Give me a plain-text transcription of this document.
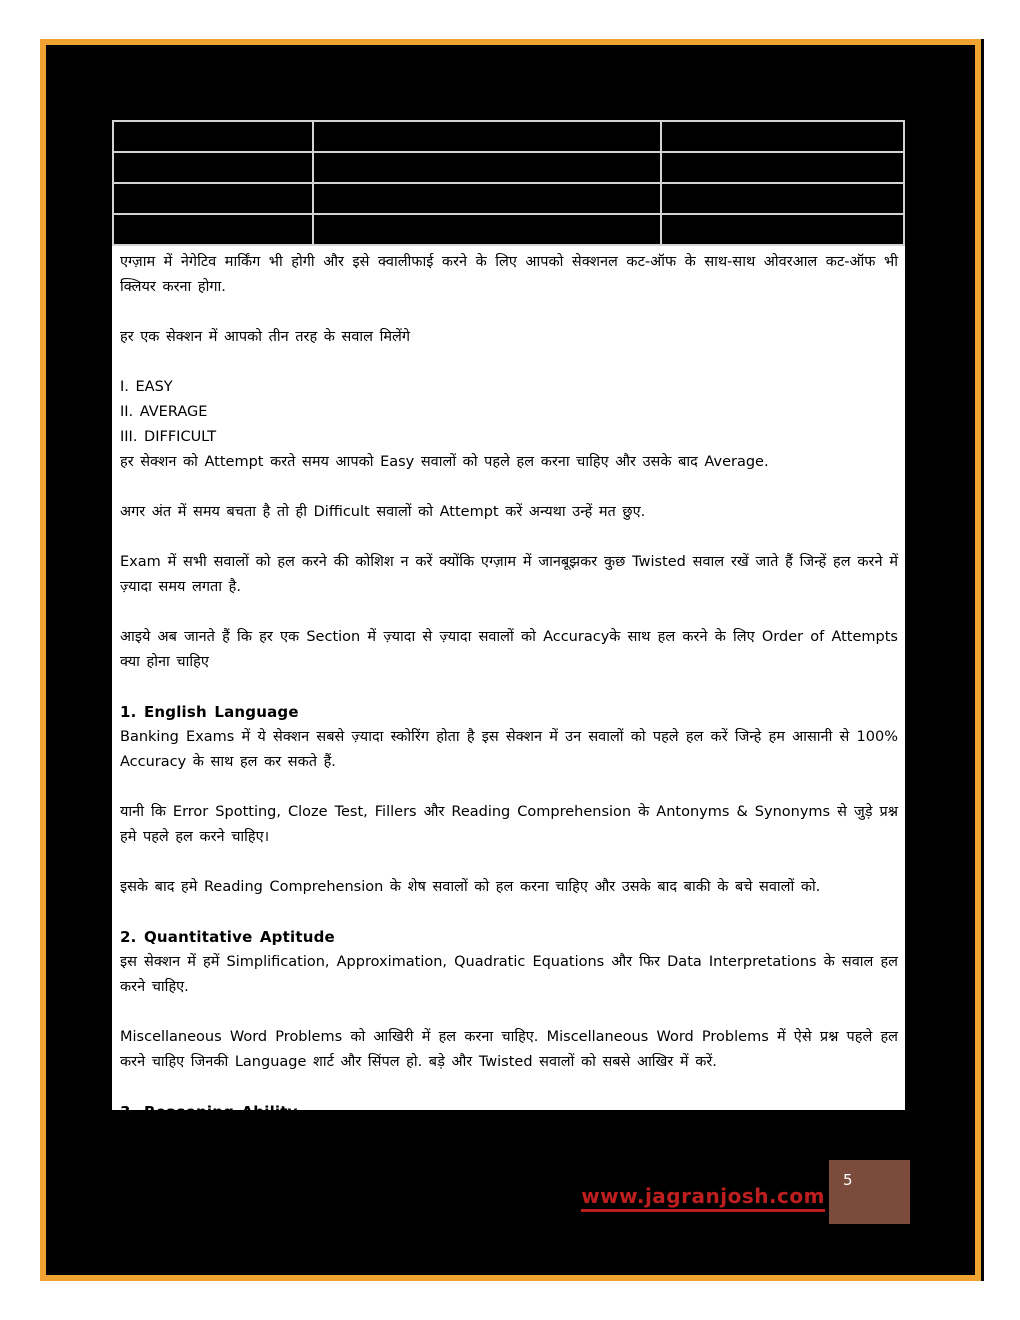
एग्ज़ाम में नेगेटिव मार्किंग भी होगी और इसे क्वालीफाई करने के लिए आपको सेक्शनल कट-ऑफ के साथ-साथ ओवरआल कट-ऑफ भी क्लियर करना होगा.

हर एक सेक्शन में आपको तीन तरह के सवाल मिलेंगे

I. EASY

II. AVERAGE

III. DIFFICULT

हर सेक्शन को Attempt करते समय आपको Easy सवालों को पहले हल करना चाहिए और उसके बाद Average.

अगर अंत में समय बचता है तो ही Difficult सवालों को Attempt करें अन्यथा उन्हें मत छुए.

Exam में सभी सवालों को हल करने की कोशिश न करें क्योंकि एग्ज़ाम में जानबूझकर कुछ Twisted सवाल रखें जाते हैं जिन्हें हल करने में ज़्यादा समय लगता है.

आइये अब जानते हैं कि हर एक Section में ज़्यादा से ज़्यादा सवालों को Accuracyके साथ हल करने के लिए Order of Attempts क्या होना चाहिए

1. English Language

Banking Exams में ये सेक्शन सबसे ज़्यादा स्कोरिंग होता है इस सेक्शन में उन सवालों को पहले हल करें जिन्हे हम आसानी से 100% Accuracy के साथ हल कर सकते हैं.

यानी कि Error Spotting, Cloze Test, Fillers और Reading Comprehension के Antonyms & Synonyms से जुड़े प्रश्न हमे पहले हल करने चाहिए।

इसके बाद हमे Reading Comprehension के शेष सवालों को हल करना चाहिए और उसके बाद बाकी के बचे सवालों को.

2. Quantitative Aptitude

इस सेक्शन में हमें Simplification, Approximation, Quadratic Equations और फिर Data Interpretations के सवाल हल करने चाहिए.

Miscellaneous Word Problems को आखिरी में हल करना चाहिए. Miscellaneous Word Problems में ऐसे प्रश्न पहले हल करने चाहिए जिनकी Language शार्ट और सिंपल हो. बड़े और Twisted सवालों को सबसे आखिर में करें.

3. Reasoning Ability

इस सेक्शन में Inequalities, Syllogism, Coding Decoding, Blood Relation, Direction और Distance से जुड़े सवालों को सबसे पहले हल करें.

इसके बाद Puzzles और Seating Arrangement के सवालों को ध्यान पूर्वक हल करें.

Puzzles और Seating Arrangement में भी उसे पहले हल करें जो आसान लगे इसके बाद बाकी के प्रश्नों को हल करें.

www.jagranjosh.com
5
